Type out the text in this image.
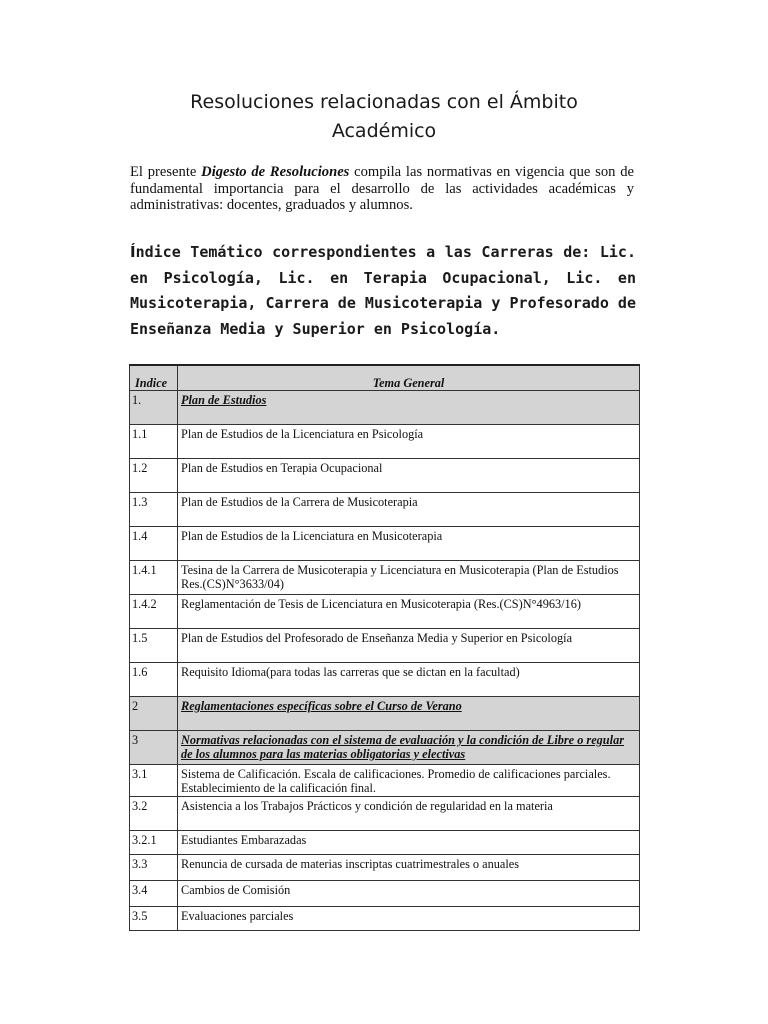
Resoluciones relacionadas con el Ámbito
Académico

El presente Digesto de Resoluciones compila las normativas en vigencia que son de fundamental importancia para el desarrollo de las actividades académicas y administrativas: docentes, graduados y alumnos.

Índice Temático correspondientes a las Carreras de: Lic. en Psicología, Lic. en Terapia Ocupacional, Lic. en Musicoterapia, Carrera de Musicoterapia y Profesorado de Enseñanza Media y Superior en Psicología.

Indice	Tema General
1.	Plan de Estudios
1.1	Plan de Estudios de la Licenciatura en Psicología
1.2	Plan de Estudios en Terapia Ocupacional
1.3	Plan de Estudios de la Carrera de Musicoterapia
1.4	Plan de Estudios de la Licenciatura en Musicoterapia
1.4.1	Tesina de la Carrera de Musicoterapia y Licenciatura en Musicoterapia (Plan de Estudios Res.(CS)N°3633/04)
1.4.2	Reglamentación de Tesis de Licenciatura en Musicoterapia (Res.(CS)N°4963/16)
1.5	Plan de Estudios del Profesorado de Enseñanza Media y Superior en Psicología
1.6	Requisito Idioma(para todas las carreras que se dictan en la facultad)
2	Reglamentaciones específicas sobre el Curso de Verano
3	Normativas relacionadas con el sistema de evaluación y la condición de Libre o regular de los alumnos para las materias obligatorias y electivas
3.1	Sistema de Calificación. Escala de calificaciones. Promedio de calificaciones parciales. Establecimiento de la calificación final.
3.2	Asistencia a los Trabajos Prácticos y condición de regularidad en la materia
3.2.1	Estudiantes Embarazadas
3.3	Renuncia de cursada de materias inscriptas cuatrimestrales o anuales
3.4	Cambios de Comisión
3.5	Evaluaciones parciales
